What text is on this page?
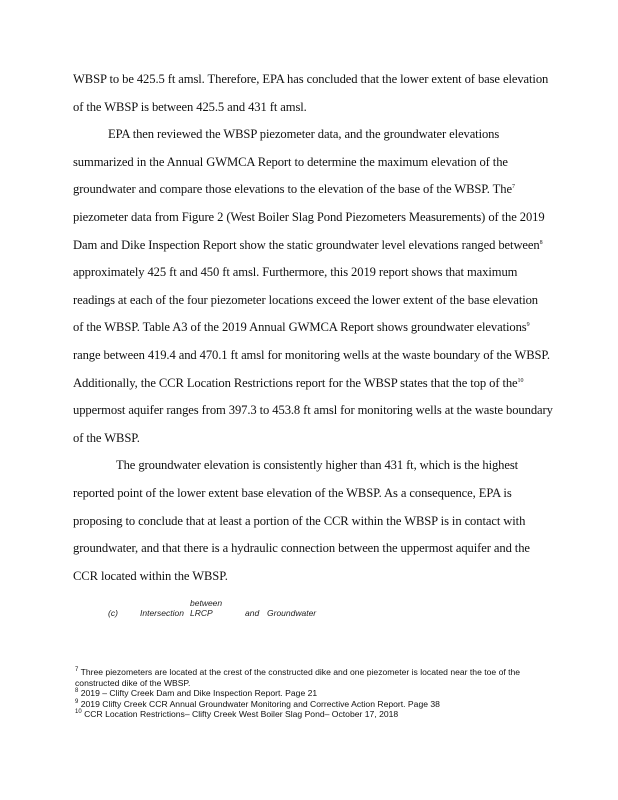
WBSP to be 425.5 ft amsl. Therefore, EPA has concluded that the lower extent of base elevation
of the WBSP is between 425.5 and 431 ft amsl.

EPA then reviewed the WBSP piezometer data, and the groundwater elevations
summarized in the Annual GWMCA Report to determine the maximum elevation of the
groundwater and compare those elevations to the elevation of the base of the WBSP. The$^7$
piezometer data from Figure 2 (West Boiler Slag Pond Piezometers Measurements) of the 2019
Dam and Dike Inspection Report show the static groundwater level elevations ranged between$^8$
approximately 425 ft and 450 ft amsl. Furthermore, this 2019 report shows that maximum
readings at each of the four piezometer locations exceed the lower extent of the base elevation
of the WBSP. Table A3 of the 2019 Annual GWMCA Report shows groundwater elevations$^9$
range between 419.4 and 470.1 ft amsl for monitoring wells at the waste boundary of the WBSP.
Additionally, the CCR Location Restrictions report for the WBSP states that the top of the$^{10}$
uppermost aquifer ranges from 397.3 to 453.8 ft amsl for monitoring wells at the waste boundary
of the WBSP.

The groundwater elevation is consistently higher than 431 ft, which is the highest
reported point of the lower extent base elevation of the WBSP. As a consequence, EPA is
proposing to conclude that at least a portion of the CCR within the WBSP is in contact with
groundwater, and that there is a hydraulic connection between the uppermost aquifer and the
CCR located within the WBSP.

(c)	Intersectionbetween LRCP	and Groundwater

$^7$ Three piezometers are located at the crest of the constructed dike and one piezometer is located near the toe of the

constructed dike of the WBSP.

$^8$ 2019 – Clifty Creek Dam and Dike Inspection Report. Page 21

$^9$ 2019 Clifty Creek CCR Annual Groundwater Monitoring and Corrective Action Report. Page 38

$^{10}$ CCR Location Restrictions– Clifty Creek West Boiler Slag Pond– October 17, 2018
